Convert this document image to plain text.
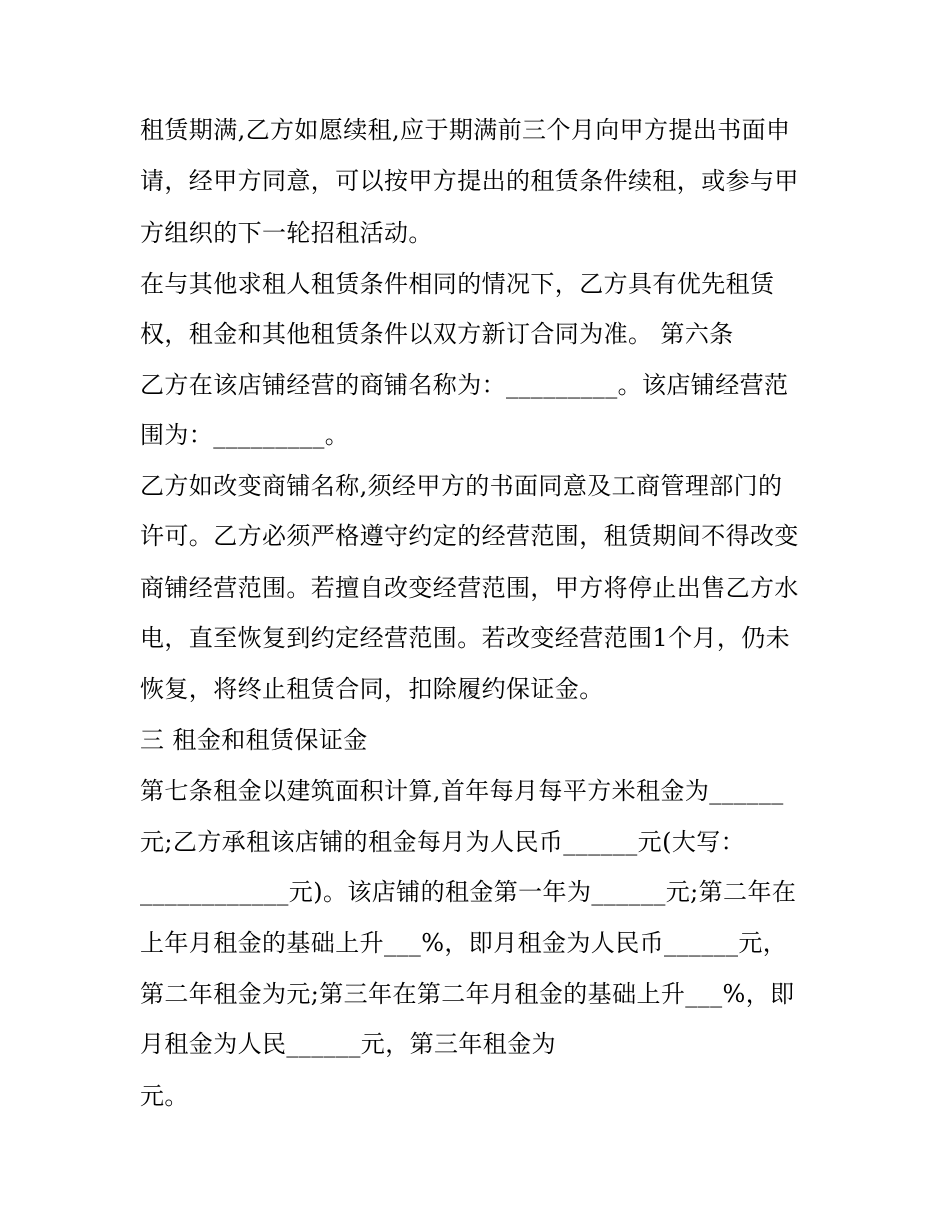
租赁期满,乙方如愿续租,应于期满前三个月向甲方提出书面申

请，经甲方同意，可以按甲方提出的租赁条件续租，或参与甲

方组织的下一轮招租活动。

在与其他求租人租赁条件相同的情况下，乙方具有优先租赁

权，租金和其他租赁条件以双方新订合同为准。 第六条

乙方在该店铺经营的商铺名称为：_________。该店铺经营范

围为：_________。

乙方如改变商铺名称,须经甲方的书面同意及工商管理部门的

许可。乙方必须严格遵守约定的经营范围，租赁期间不得改变

商铺经营范围。若擅自改变经营范围，甲方将停止出售乙方水

电，直至恢复到约定经营范围。若改变经营范围1个月，仍未

恢复，将终止租赁合同，扣除履约保证金。

三 租金和租赁保证金

第七条租金以建筑面积计算,首年每月每平方米租金为______

元;乙方承租该店铺的租金每月为人民币______元(大写：

____________元)。该店铺的租金第一年为______元;第二年在

上年月租金的基础上升___%，即月租金为人民币______元，

第二年租金为元;第三年在第二年月租金的基础上升___%，即

月租金为人民______元，第三年租金为

元。
